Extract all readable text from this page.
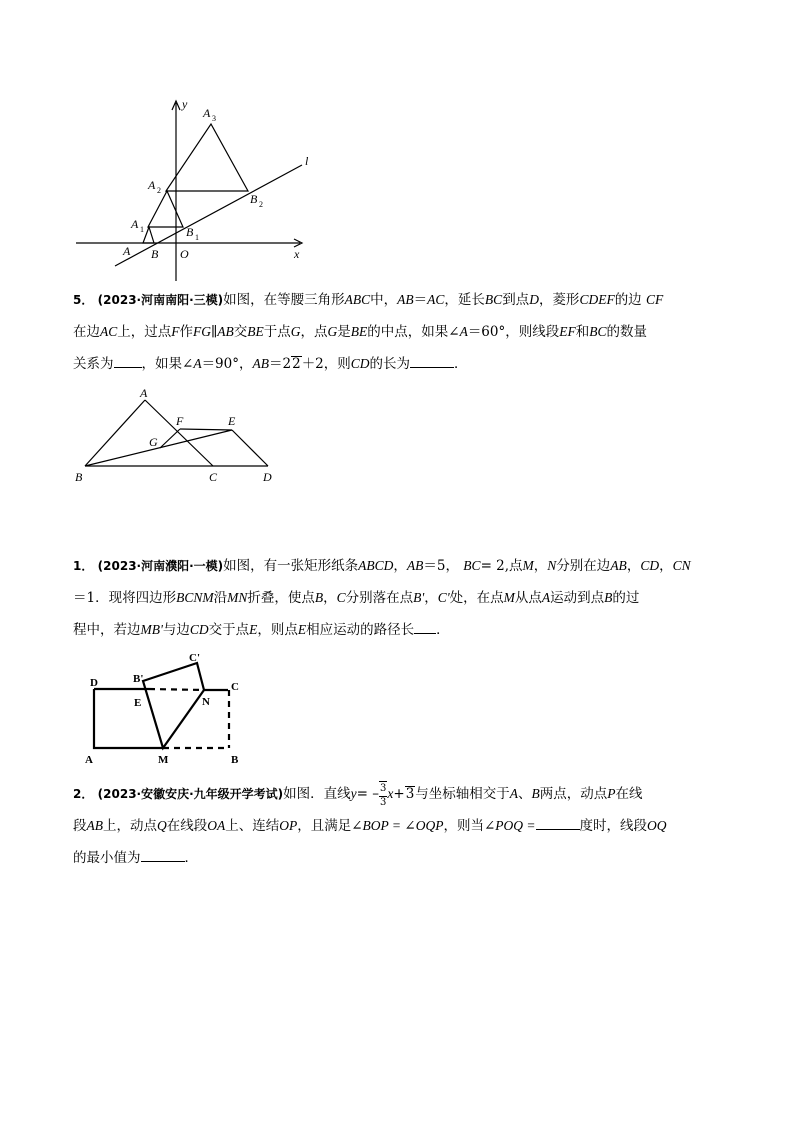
y
A 3
l
A 2
B 2
A 1	B 1
A B O	x
5． (2023·河南南阳·三模)如图，在等腰三角形ABC中，AB＝AC，延长BC到点D，菱形CDEF的边 CF
在边AC上，过点F作FG∥AB交BE于点G，点G是BE的中点，如果∠A＝60°，则线段EF和BC的数量
关系为 ，如果∠A＝90°，AB＝22＋2，则CD的长为	．
A
F	E
G
B	C	D
1． (2023·河南濮阳·一模)如图，有一张矩形纸条ABCD，AB＝5， BC= 2,点M，N分别在边AB，CD，CN
＝1．现将四边形BCNM沿MN折叠，使点B，C分别落在点B'，C'处，在点M从点A运动到点B的过
程中，若边MB'与边CD交于点E，则点E相应运动的路径长 ．
C'
D	B'
C
E	N
A	M	B
2． (2023·安徽安庆·九年级开学考试)如图．直线$y= - \frac{3}{3} x+3$与坐标轴相交于A、B两点，动点P在线
段AB上，动点Q在线段OA上、连结OP，且满足∠BOP = ∠OQP，则当∠POQ =	度时，线段OQ
的最小值为	．
